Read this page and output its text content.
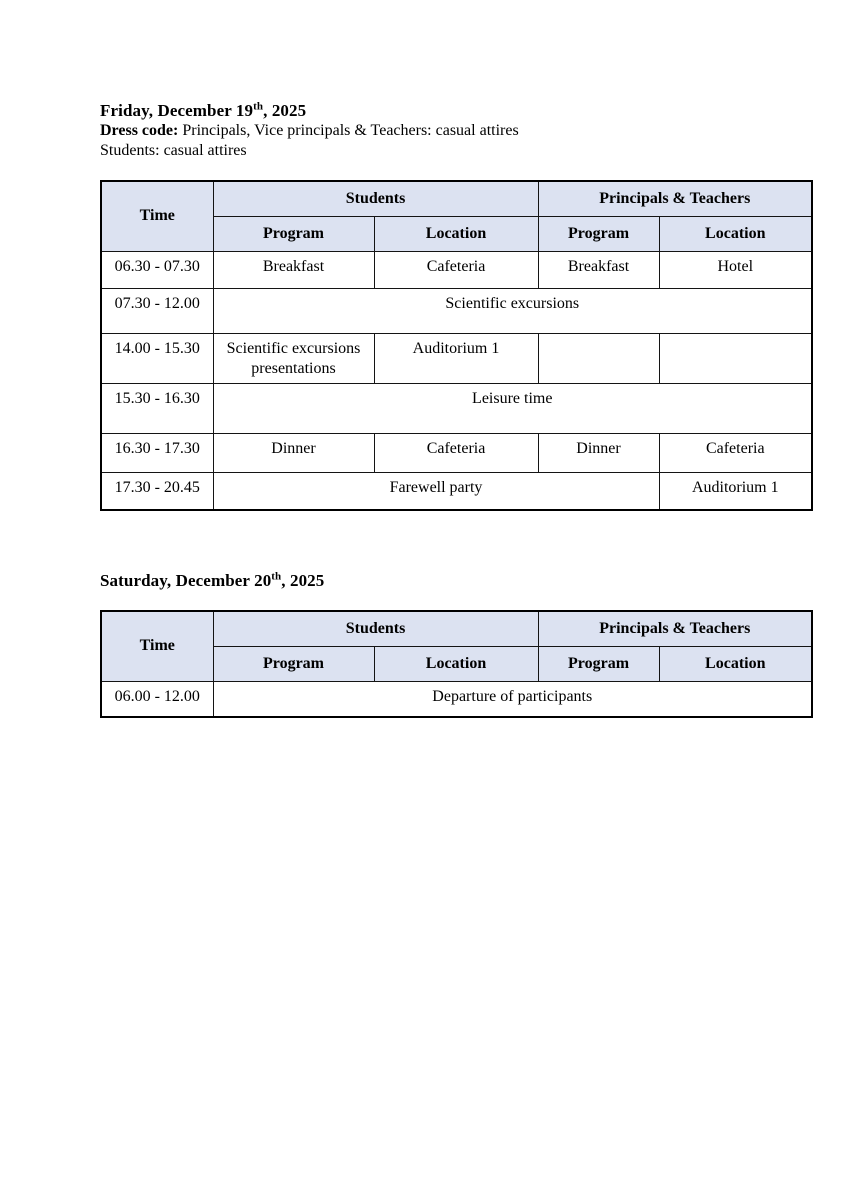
Friday, December 19th, 2025

Dress code: Principals, Vice principals & Teachers: casual attires

Students: casual attires

Time	Students		Principals & Teachers	
	Program	Location	Program	Location
06.30 - 07.30	Breakfast	Cafeteria	Breakfast	Hotel
07.30 - 12.00	Scientific excursions			
14.00 - 15.30	Scientific excursions presentations	Auditorium 1		
15.30 - 16.30	Leisure time			
16.30 - 17.30	Dinner	Cafeteria	Dinner	Cafeteria
17.30 - 20.45	Farewell party			Auditorium 1
Saturday, December 20th, 2025
Time	Students		Principals & Teachers	
	Program	Location	Program	Location
06.00 - 12.00	Departure of participants			
